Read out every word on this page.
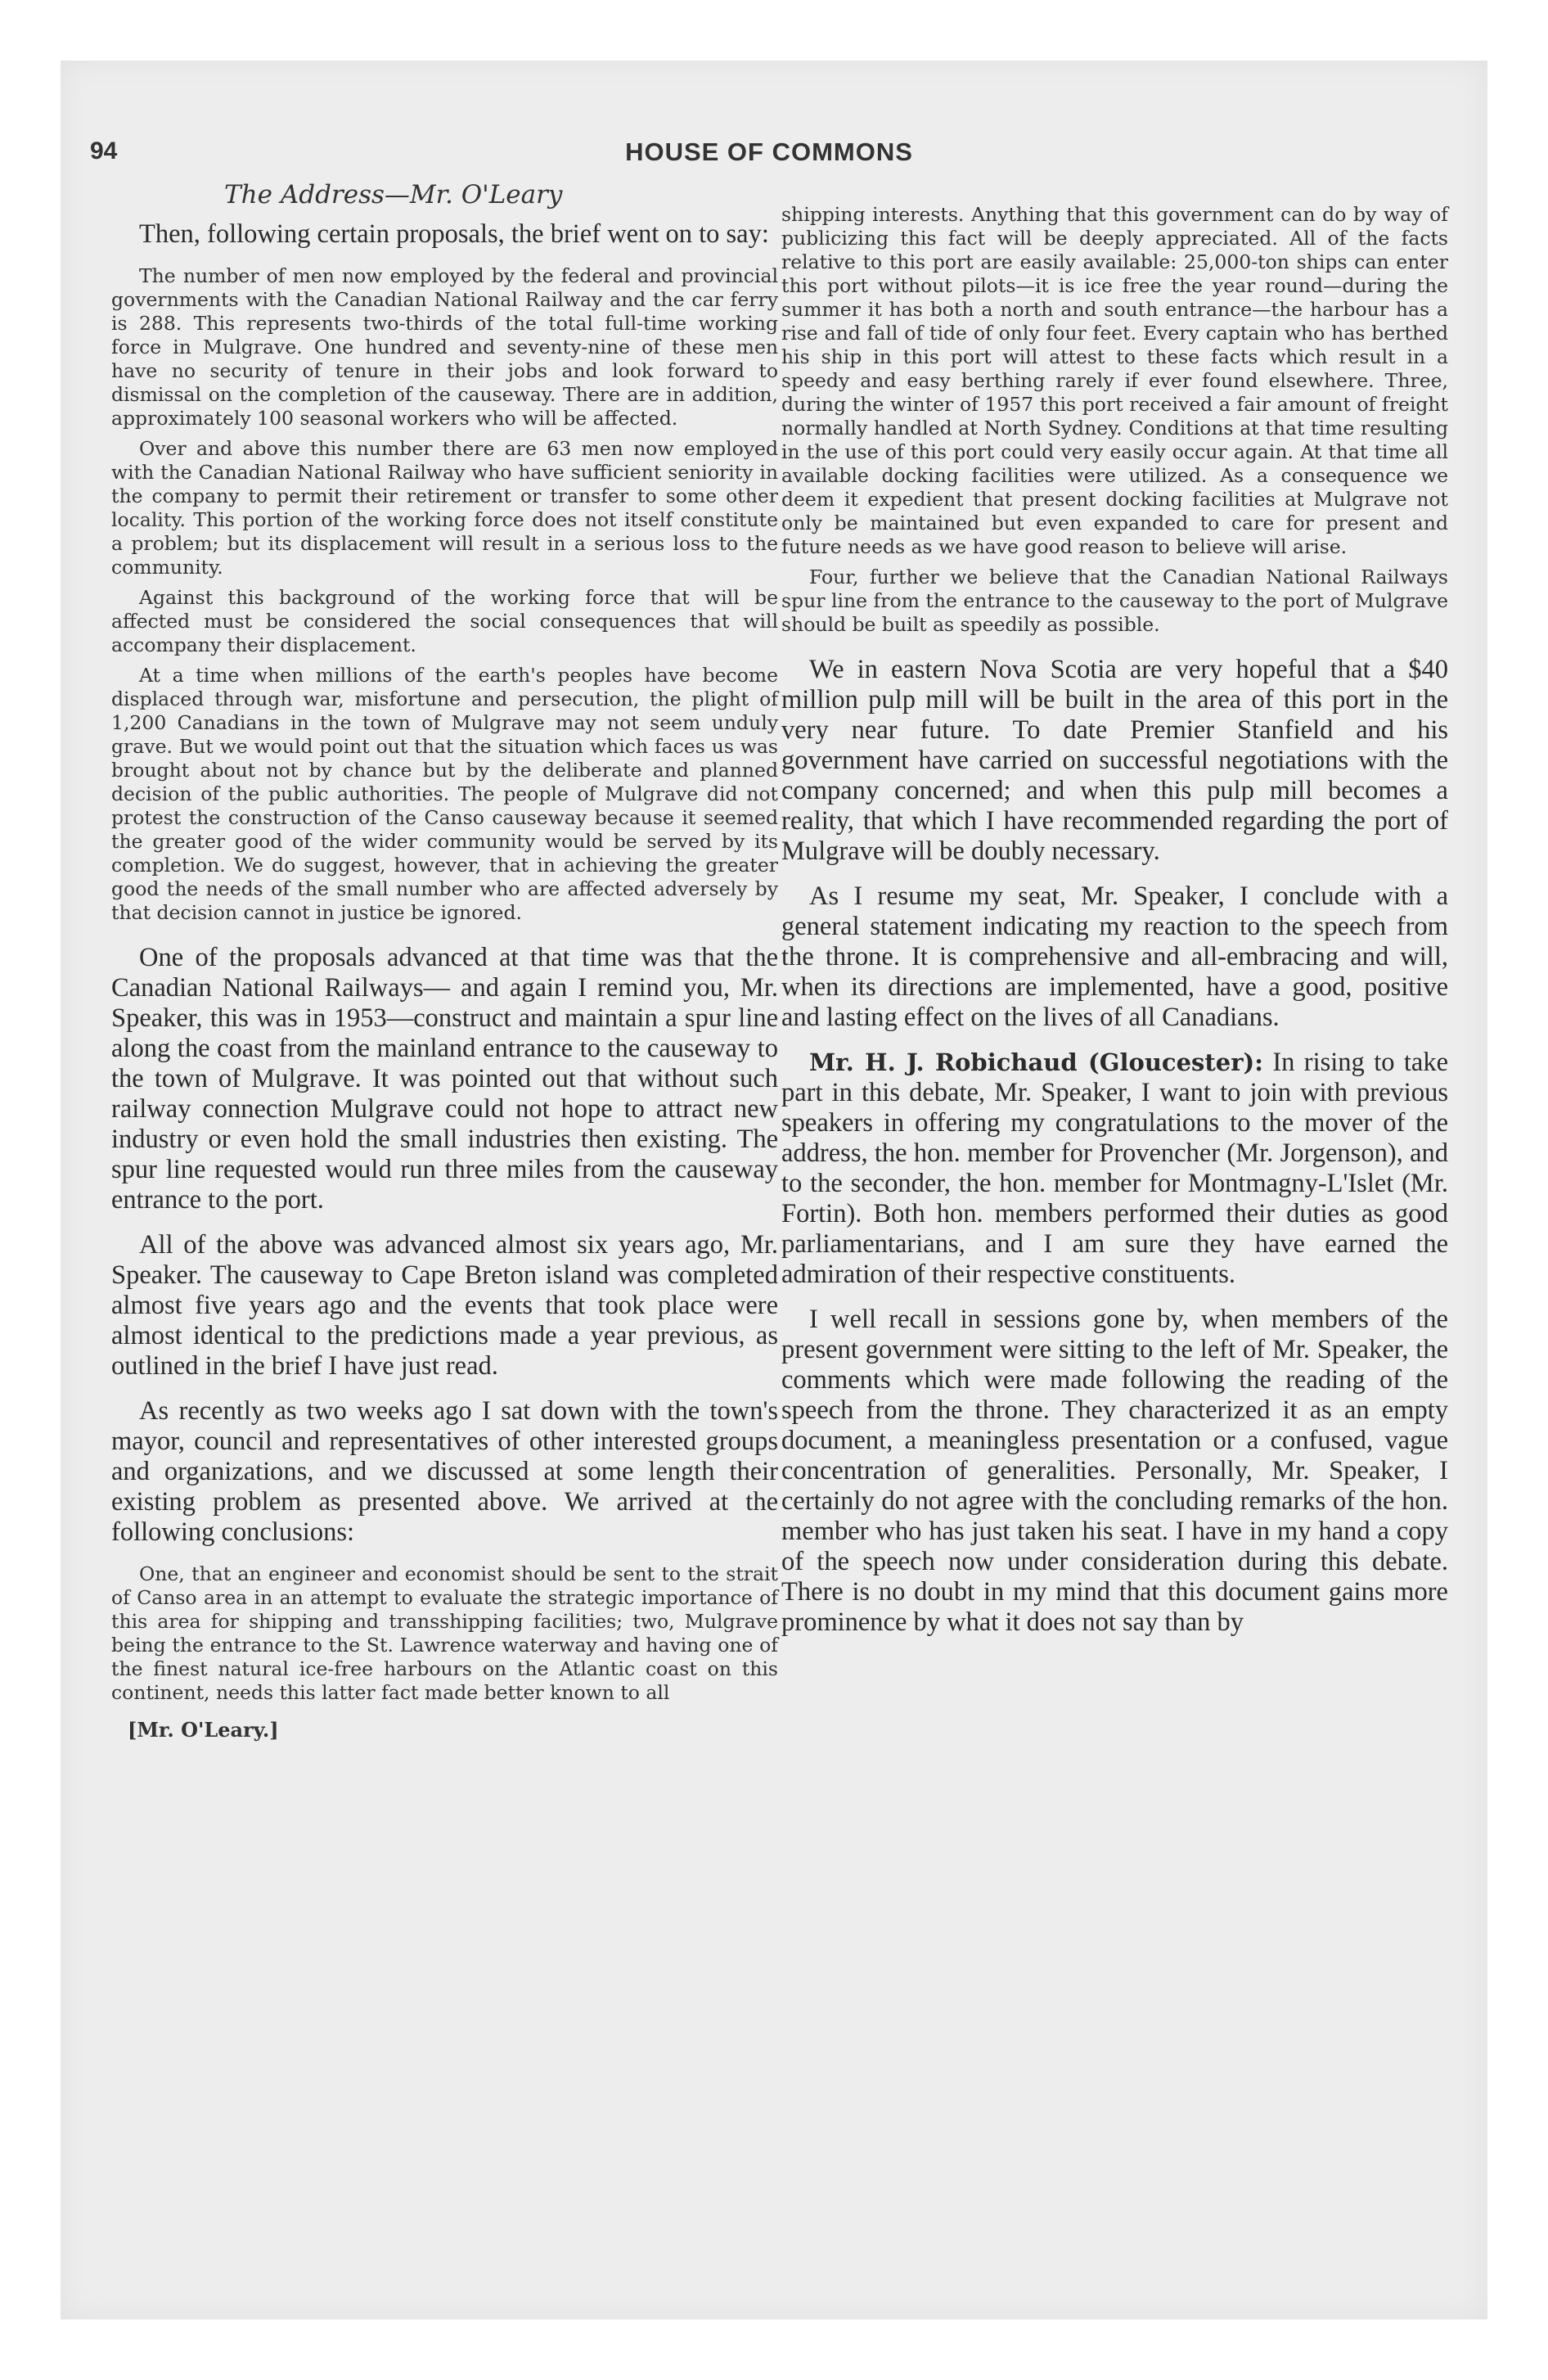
94	HOUSE OF COMMONS
The Address—Mr. O'Leary

Then, following certain proposals, the brief went on to say:

The number of men now employed by the federal and provincial governments with the Canadian National Railway and the car ferry is 288. This represents two-thirds of the total full-time working force in Mulgrave. One hundred and seventy-nine of these men have no security of tenure in their jobs and look forward to dismissal on the completion of the causeway. There are in addition, approximately 100 seasonal workers who will be affected.

Over and above this number there are 63 men now employed with the Canadian National Railway who have sufficient seniority in the company to permit their retirement or transfer to some other locality. This portion of the working force does not itself constitute a problem; but its displacement will result in a serious loss to the community.

Against this background of the working force that will be affected must be considered the social consequences that will accompany their displacement.

At a time when millions of the earth's peoples have become displaced through war, misfortune and persecution, the plight of 1,200 Canadians in the town of Mulgrave may not seem unduly grave. But we would point out that the situation which faces us was brought about not by chance but by the deliberate and planned decision of the public authorities. The people of Mulgrave did not protest the construction of the Canso causeway because it seemed the greater good of the wider community would be served by its completion. We do suggest, however, that in achieving the greater good the needs of the small number who are affected adversely by that decision cannot in justice be ignored.

One of the proposals advanced at that time was that the Canadian National Railways— and again I remind you, Mr. Speaker, this was in 1953—construct and maintain a spur line along the coast from the mainland entrance to the causeway to the town of Mulgrave. It was pointed out that without such railway connection Mulgrave could not hope to attract new industry or even hold the small industries then existing. The spur line requested would run three miles from the causeway entrance to the port.

All of the above was advanced almost six years ago, Mr. Speaker. The causeway to Cape Breton island was completed almost five years ago and the events that took place were almost identical to the predictions made a year previous, as outlined in the brief I have just read.

As recently as two weeks ago I sat down with the town's mayor, council and representatives of other interested groups and organizations, and we discussed at some length their existing problem as presented above. We arrived at the following conclusions:

One, that an engineer and economist should be sent to the strait of Canso area in an attempt to evaluate the strategic importance of this area for shipping and transshipping facilities; two, Mulgrave being the entrance to the St. Lawrence waterway and having one of the finest natural ice-free harbours on the Atlantic coast on this continent, needs this latter fact made better known to all

[Mr. O'Leary.]

shipping interests. Anything that this government can do by way of publicizing this fact will be deeply appreciated. All of the facts relative to this port are easily available: 25,000-ton ships can enter this port without pilots—it is ice free the year round—during the summer it has both a north and south entrance—the harbour has a rise and fall of tide of only four feet. Every captain who has berthed his ship in this port will attest to these facts which result in a speedy and easy berthing rarely if ever found elsewhere. Three, during the winter of 1957 this port received a fair amount of freight normally handled at North Sydney. Conditions at that time resulting in the use of this port could very easily occur again. At that time all available docking facilities were utilized. As a consequence we deem it expedient that present docking facilities at Mulgrave not only be maintained but even expanded to care for present and future needs as we have good reason to believe will arise.

Four, further we believe that the Canadian National Railways spur line from the entrance to the causeway to the port of Mulgrave should be built as speedily as possible.

We in eastern Nova Scotia are very hopeful that a $40 million pulp mill will be built in the area of this port in the very near future. To date Premier Stanfield and his government have carried on successful negotiations with the company concerned; and when this pulp mill becomes a reality, that which I have recommended regarding the port of Mulgrave will be doubly necessary.

As I resume my seat, Mr. Speaker, I conclude with a general statement indicating my reaction to the speech from the throne. It is comprehensive and all-embracing and will, when its directions are implemented, have a good, positive and lasting effect on the lives of all Canadians.

Mr. H. J. Robichaud (Gloucester): In rising to take part in this debate, Mr. Speaker, I want to join with previous speakers in offering my congratulations to the mover of the address, the hon. member for Provencher (Mr. Jorgenson), and to the seconder, the hon. member for Montmagny-L'Islet (Mr. Fortin). Both hon. members performed their duties as good parliamentarians, and I am sure they have earned the admiration of their respective constituents.

I well recall in sessions gone by, when members of the present government were sitting to the left of Mr. Speaker, the comments which were made following the reading of the speech from the throne. They characterized it as an empty document, a meaningless presentation or a confused, vague concentration of generalities. Personally, Mr. Speaker, I certainly do not agree with the concluding remarks of the hon. member who has just taken his seat. I have in my hand a copy of the speech now under consideration during this debate. There is no doubt in my mind that this document gains more prominence by what it does not say than by
